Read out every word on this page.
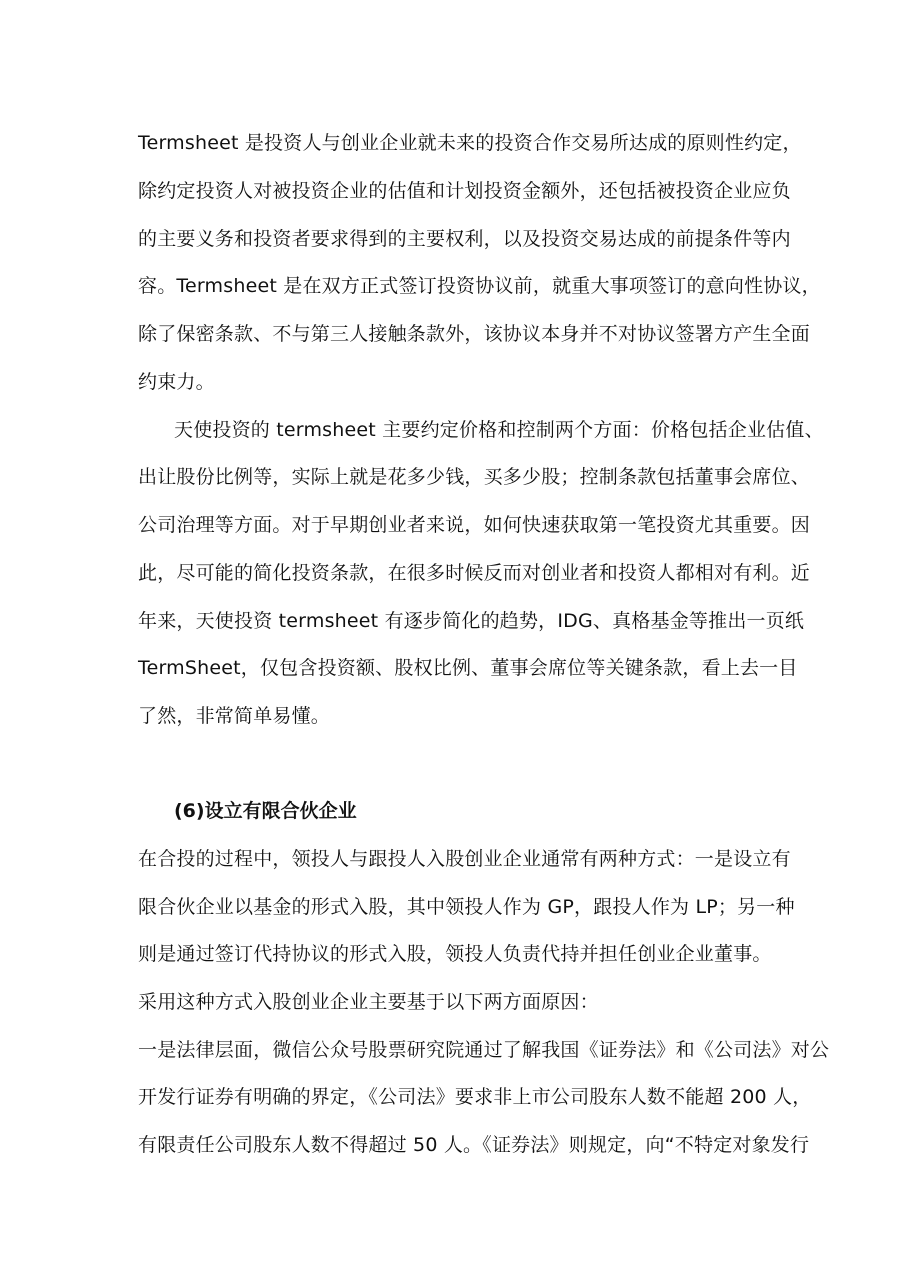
Termsheet 是投资人与创业企业就未来的投资合作交易所达成的原则性约定，
除约定投资人对被投资企业的估值和计划投资金额外，还包括被投资企业应负
的主要义务和投资者要求得到的主要权利，以及投资交易达成的前提条件等内
容。Termsheet 是在双方正式签订投资协议前，就重大事项签订的意向性协议，
除了保密条款、不与第三人接触条款外，该协议本身并不对协议签署方产生全面
约束力。
天使投资的 termsheet 主要约定价格和控制两个方面：价格包括企业估值、
出让股份比例等，实际上就是花多少钱，买多少股；控制条款包括董事会席位、
公司治理等方面。对于早期创业者来说，如何快速获取第一笔投资尤其重要。因
此，尽可能的简化投资条款，在很多时候反而对创业者和投资人都相对有利。近
年来，天使投资 termsheet 有逐步简化的趋势，IDG、真格基金等推出一页纸
TermSheet，仅包含投资额、股权比例、董事会席位等关键条款，看上去一目
了然，非常简单易懂。
(6)设立有限合伙企业
在合投的过程中，领投人与跟投人入股创业企业通常有两种方式：一是设立有
限合伙企业以基金的形式入股，其中领投人作为 GP，跟投人作为 LP；另一种
则是通过签订代持协议的形式入股，领投人负责代持并担任创业企业董事。
采用这种方式入股创业企业主要基于以下两方面原因：
一是法律层面，微信公众号股票研究院通过了解我国《证券法》和《公司法》对公
开发行证券有明确的界定，《公司法》要求非上市公司股东人数不能超 200 人，
有限责任公司股东人数不得超过 50 人。《证券法》则规定，向“不特定对象发行
